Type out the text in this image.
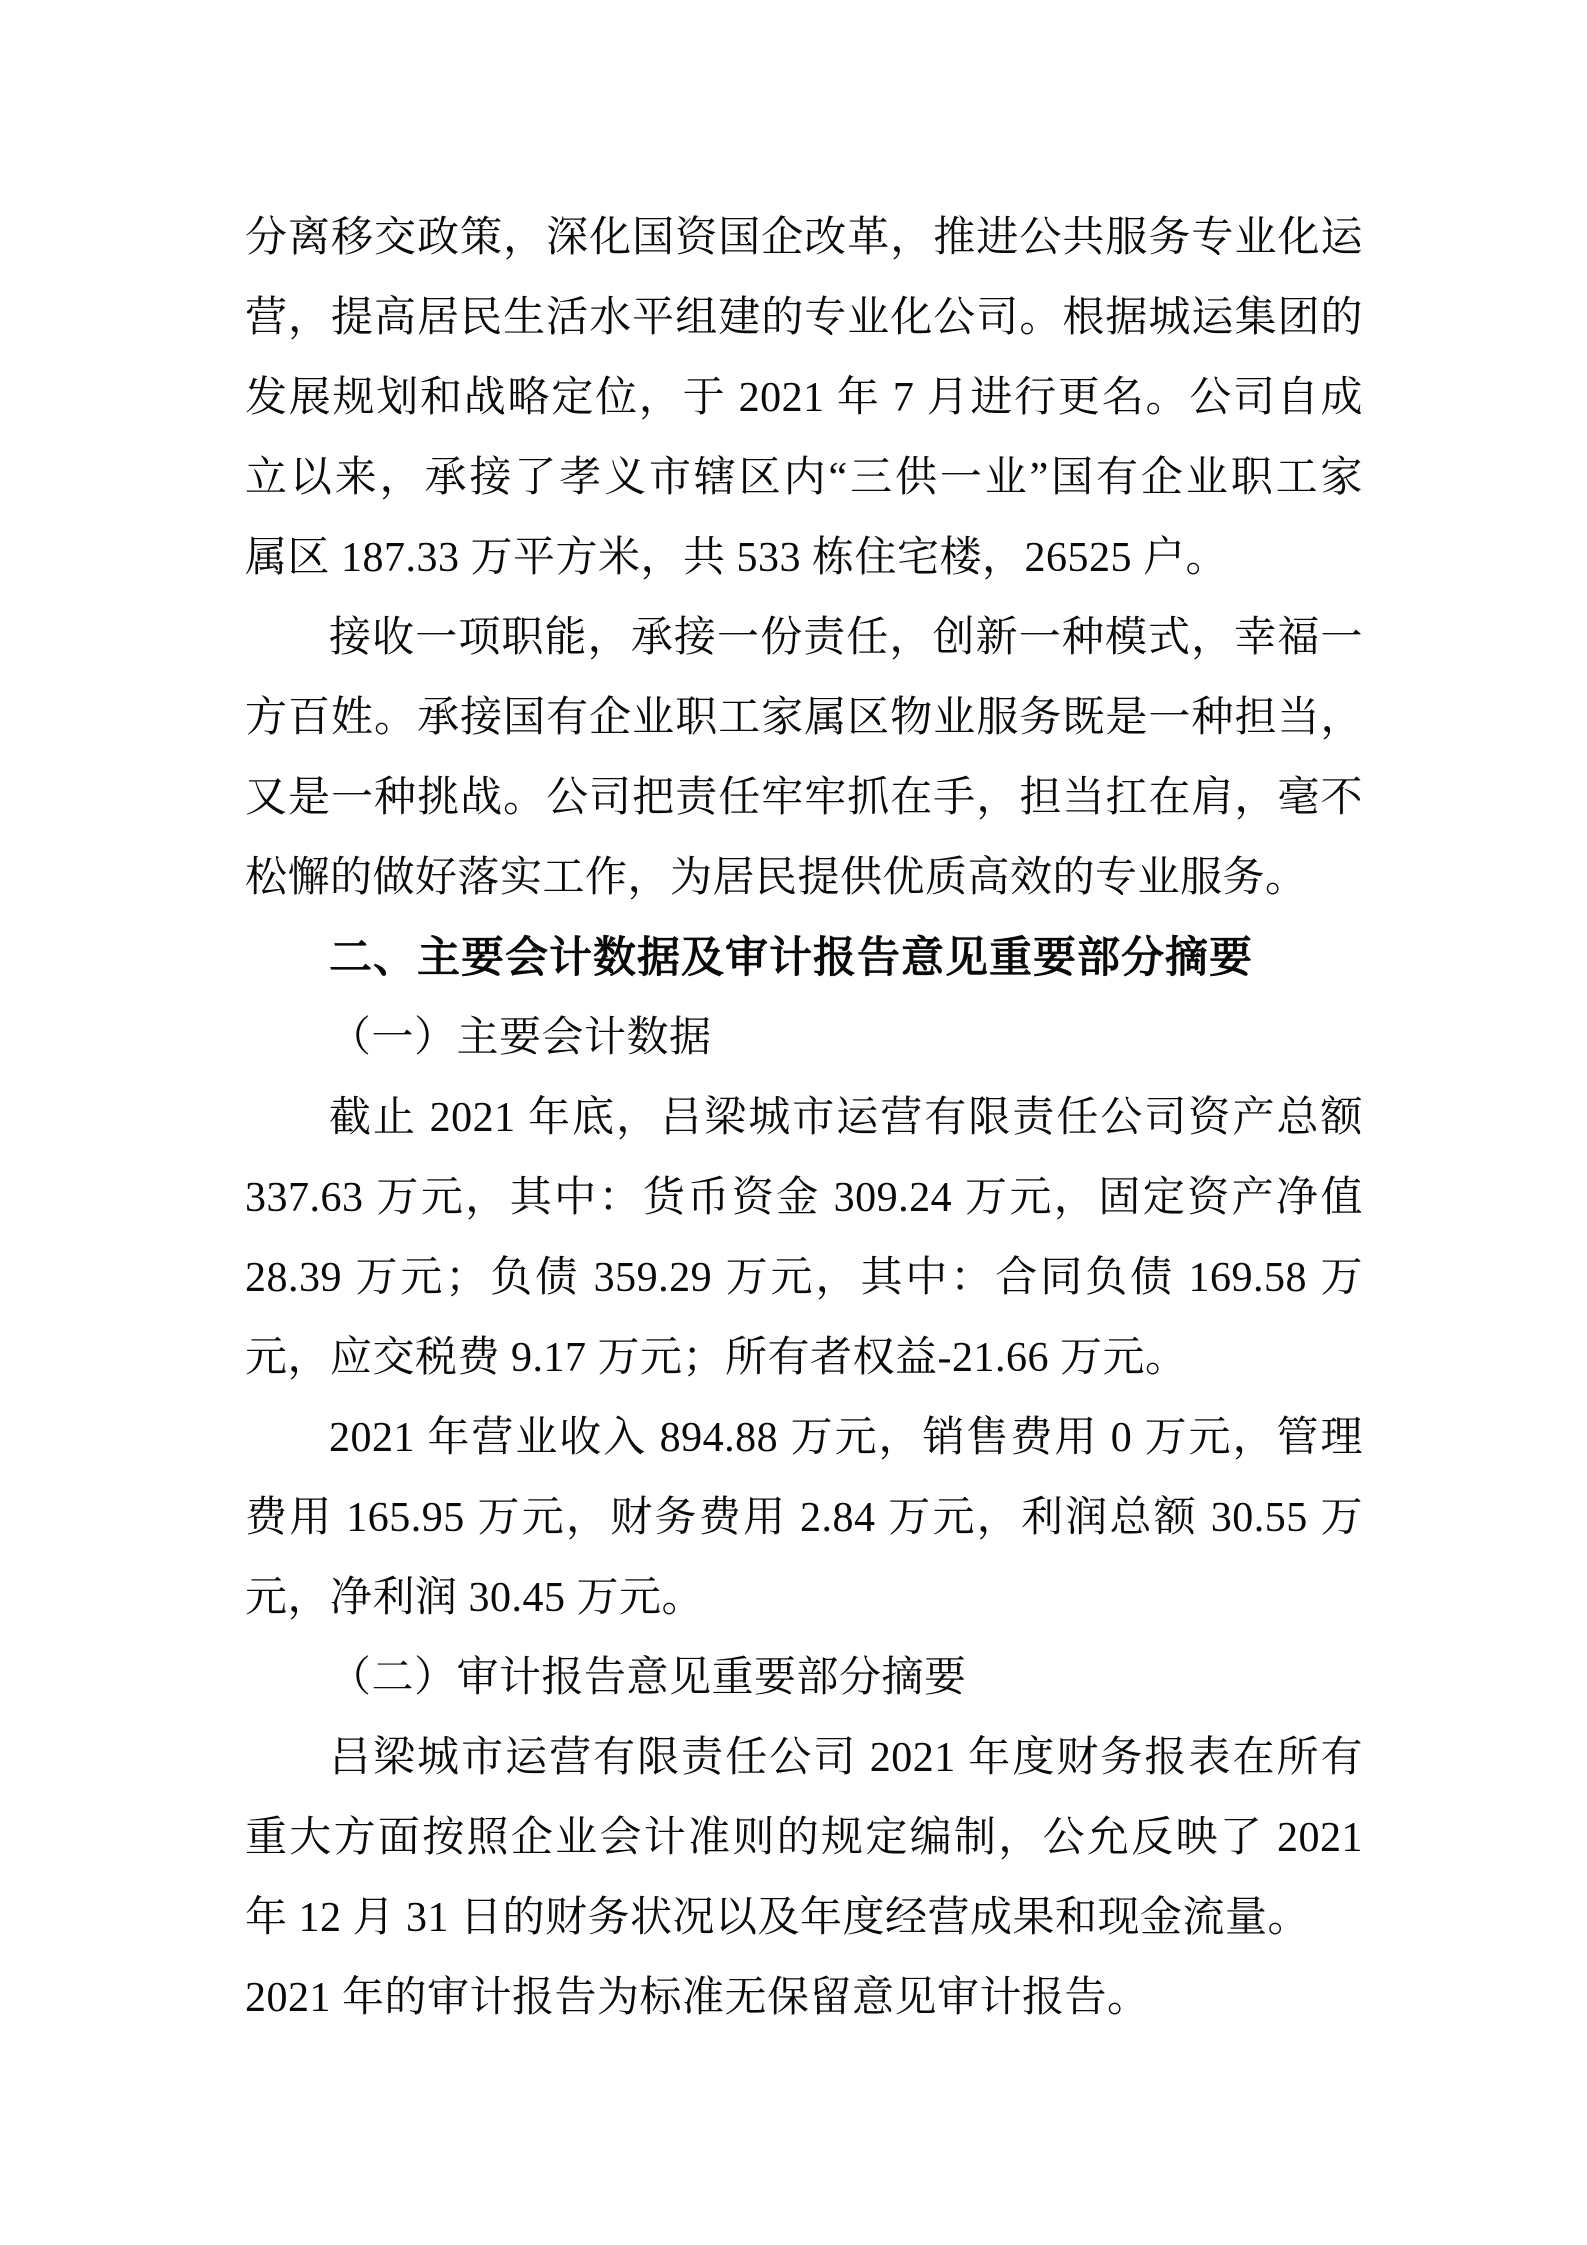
分离移交政策，深化国资国企改革，推进公共服务专业化运
营，提高居民生活水平组建的专业化公司。根据城运集团的
发展规划和战略定位，于 2021 年 7 月进行更名。公司自成
立以来，承接了孝义市辖区内“三供一业”国有企业职工家
属区 187.33 万平方米，共 533 栋住宅楼，26525 户。
接收一项职能，承接一份责任，创新一种模式，幸福一
方百姓。承接国有企业职工家属区物业服务既是一种担当，
又是一种挑战。公司把责任牢牢抓在手，担当扛在肩，毫不
松懈的做好落实工作，为居民提供优质高效的专业服务。
二、主要会计数据及审计报告意见重要部分摘要
（一）主要会计数据
截止 2021 年底，吕梁城市运营有限责任公司资产总额
337.63 万元，其中：货币资金 309.24 万元，固定资产净值
28.39 万元；负债 359.29 万元，其中：合同负债 169.58 万
元，应交税费 9.17 万元；所有者权益-21.66 万元。
2021 年营业收入 894.88 万元，销售费用 0 万元，管理
费用 165.95 万元，财务费用 2.84 万元，利润总额 30.55 万
元，净利润 30.45 万元。
（二）审计报告意见重要部分摘要
吕梁城市运营有限责任公司 2021 年度财务报表在所有
重大方面按照企业会计准则的规定编制，公允反映了 2021
年 12 月 31 日的财务状况以及年度经营成果和现金流量。
2021 年的审计报告为标准无保留意见审计报告。
